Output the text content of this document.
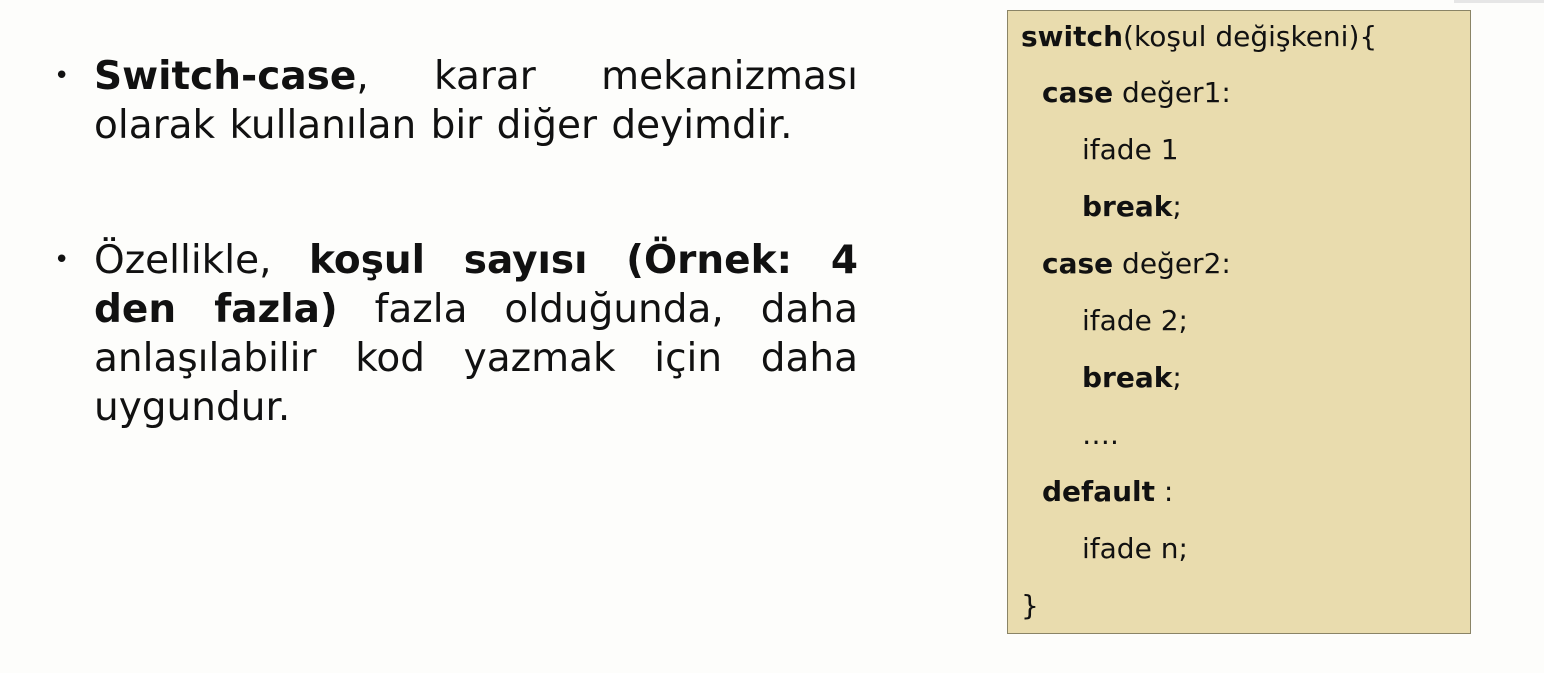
• Switch-case, karar mekanizması olarak kullanılan bir diğer deyimdir.

• Özellikle, koşul sayısı (Örnek: 4 den fazla) fazla olduğunda, daha anlaşılabilir kod yazmak için daha uygundur.

switch(koşul değişkeni){
case değer1:
ifade 1
break;
case değer2:
ifade 2;
break;
….
default :
ifade n;
}
